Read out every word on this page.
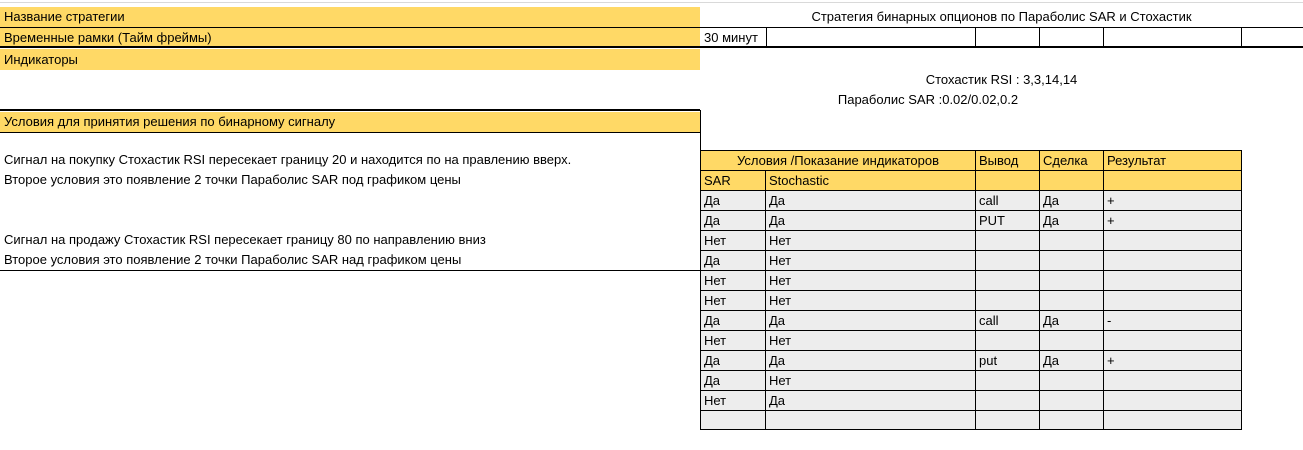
Название стратегии	Стратегия бинарных опционов по Параболис SAR и Стохастик
Временные рамки (Тайм фреймы)	30 минут
Индикаторы
Стохастик RSI : 3,3,14,14
Параболис SAR :0.02/0.02,0.2
Условия для принятия решения по бинарному сигналу
Сигнал на покупку Стохастик RSI пересекает границу 20 и находится по на правлению вверх.
Второе условия это появление 2 точки Параболис SAR под графиком цены
Сигнал на продажу Стохастик RSI пересекает границу 80 по направлению вниз
Второе условия это появление 2 точки Параболис SAR над графиком цены
Условия /Показание индикаторов		Вывод	Сделка	Результат
SAR	Stochastic			
Да	Да	call	Да	+
Да	Да	PUT	Да	+
Нет	Нет			
Да	Нет			
Нет	Нет			
Нет	Нет			
Да	Да	call	Да	-
Нет	Нет			
Да	Да	put	Да	+
Да	Нет			
Нет	Да			
